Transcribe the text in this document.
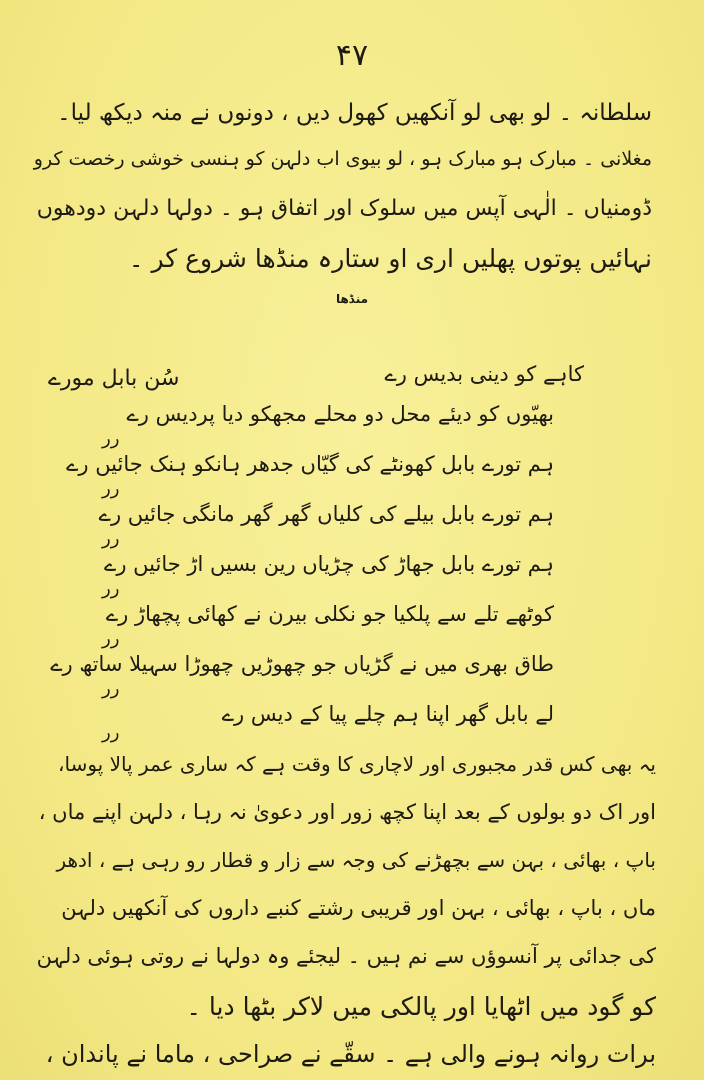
۴۷
سلطانہ ۔ لو بھی لو آنکھیں کھول دیں ، دونوں نے منہ دیکھ لیا۔
مغلانی ۔ مبارک ہو مبارک ہو ، لو بیوی اب دلہن کو ہنسی خوشی رخصت کرو
ڈومنیاں ۔ الٰہی آپس میں سلوک اور اتفاق ہو ۔ دولہا دلہن دودھوں
نہائیں پوتوں پھلیں اری او ستارہ منڈھا شروع کر ۔
منڈھا
سُن بابل مورے	کاہے کو دینی بدیس رے
بھیّوں کو دیئے محل دو محلے مجھکو دیا پردیس رے
ہم تورے بابل کھونٹے کی گیّاں جدھر ہانکو ہنک جائیں رے
ہم تورے بابل بیلے کی کلیاں گھر گھر مانگی جائیں رے
ہم تورے بابل جھاڑ کی چڑیاں رین بسیں اڑ جائیں رے
کوٹھے تلے سے پلکیا جو نکلی بیرن نے کھائی پچھاڑ رے
طاق بھری میں نے گڑیاں جو چھوڑیں چھوڑا سہیلا ساتھ رے
لے بابل گھر اپنا ہم چلے پیا کے دیس رے
رر
رر
رر
رر
رر
رر
رر
یہ بھی کس قدر مجبوری اور لاچاری کا وقت ہے کہ ساری عمر پالا پوسا،
اور اک دو بولوں کے بعد اپنا کچھ زور اور دعویٰ نہ رہا ، دلہن اپنے ماں ،
باپ ، بھائی ، بہن سے بچھڑنے کی وجہ سے زار و قطار رو رہی ہے ، ادھر
ماں ، باپ ، بھائی ، بہن اور قریبی رشتے کنبے داروں کی آنکھیں دلہن
کی جدائی پر آنسوؤں سے نم ہیں ۔ لیجئے وہ دولہا نے روتی ہوئی دلہن
کو گود میں اٹھایا اور پالکی میں لاکر بٹھا دیا ۔
برات روانہ ہونے والی ہے ۔ سقّے نے صراحی ، ماما نے پاندان ،
